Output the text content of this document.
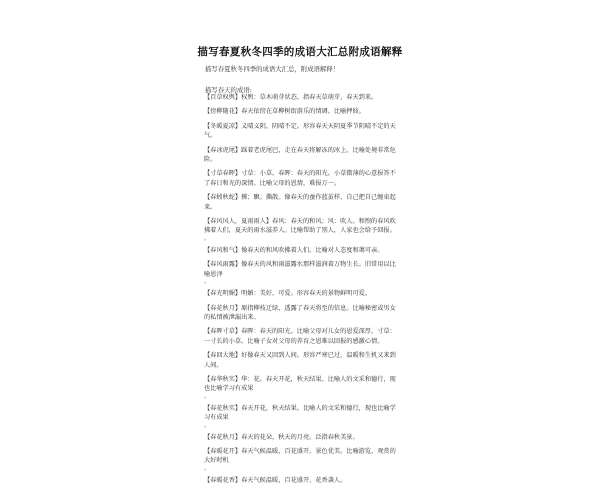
描写春夏秋冬四季的成语大汇总附成语解释
描写春夏秋冬四季的成语大汇总，附成语解释！
描写春天的成语:

【百草权舆】权舆：草木萌芽状态。指春天草萌芽，春天到来。

【傍柳随花】春天依傍在草柳树街游乐的情调。比喻押妓。

【冬暖夏凉】义晴义阴，阴晴不定。形容春天天阴夏季节阴晴不定的天气。

【春冰虎尾】踩着老虎尾巴，走在春天将解冻的冰上。比喻处境非常危险。

【寸草春晖】寸草：小草。春晖：春天的阳光。小草微薄的心意报答不了春日和光的深情。比喻父母的恩情，难报万一。

【春蚓秋蛇】掷；飘；撕散。像春天的蚕作蓝茧样，自己把自己缠束起来。

【春风风人，夏雨雨人】春风：春天的和风；风：吹人。和煦的春风吹拂着人们，夏天的雨水滋养人。比喻帮助了别人，人家也会给予回报。

。

【春风和气】像春天的和风吹拂着人们。比喻对人态度和蔼可亲。

【春风雨露】像春天的风和雨滋露水那样滋润着万物生长。旧常用以比喻恩泽

。

【春光明媚】明媚：美好，可爱。形容春天的景物鲜明可爱。

【春花秋月】原指柳枝迁绿，透露了春天将至的信息。比喻秘密或男女的私情被泄漏出来。

【春晖寸草】春晖：春天的阳光。比喻父母对儿女的恩爱深厚，寸草：一寸长的小草。比喻子女对父母的养育之恩难以回报的感激心情。

【春回大地】好像春天又回到人间。形容严寒已过，温暖和生机又来到人间。

【春华秋实】华：花。春天开花，秋天结果。比喻人的文采和德行，现也比喻学习有成果

。

【春花秋实】春天开花，秋天结果。比喻人的文采和德行，现也比喻学习有成果

。

【春花秋月】春天的花朵，秋天的月亮。泛指春秋美景。

【春暖花开】春天气候温暖，百花盛开。景色优美。比喻游览、观赏的大好时机

。

【春暖花香】春天气候温暖，百花盛开，花香袭人。
